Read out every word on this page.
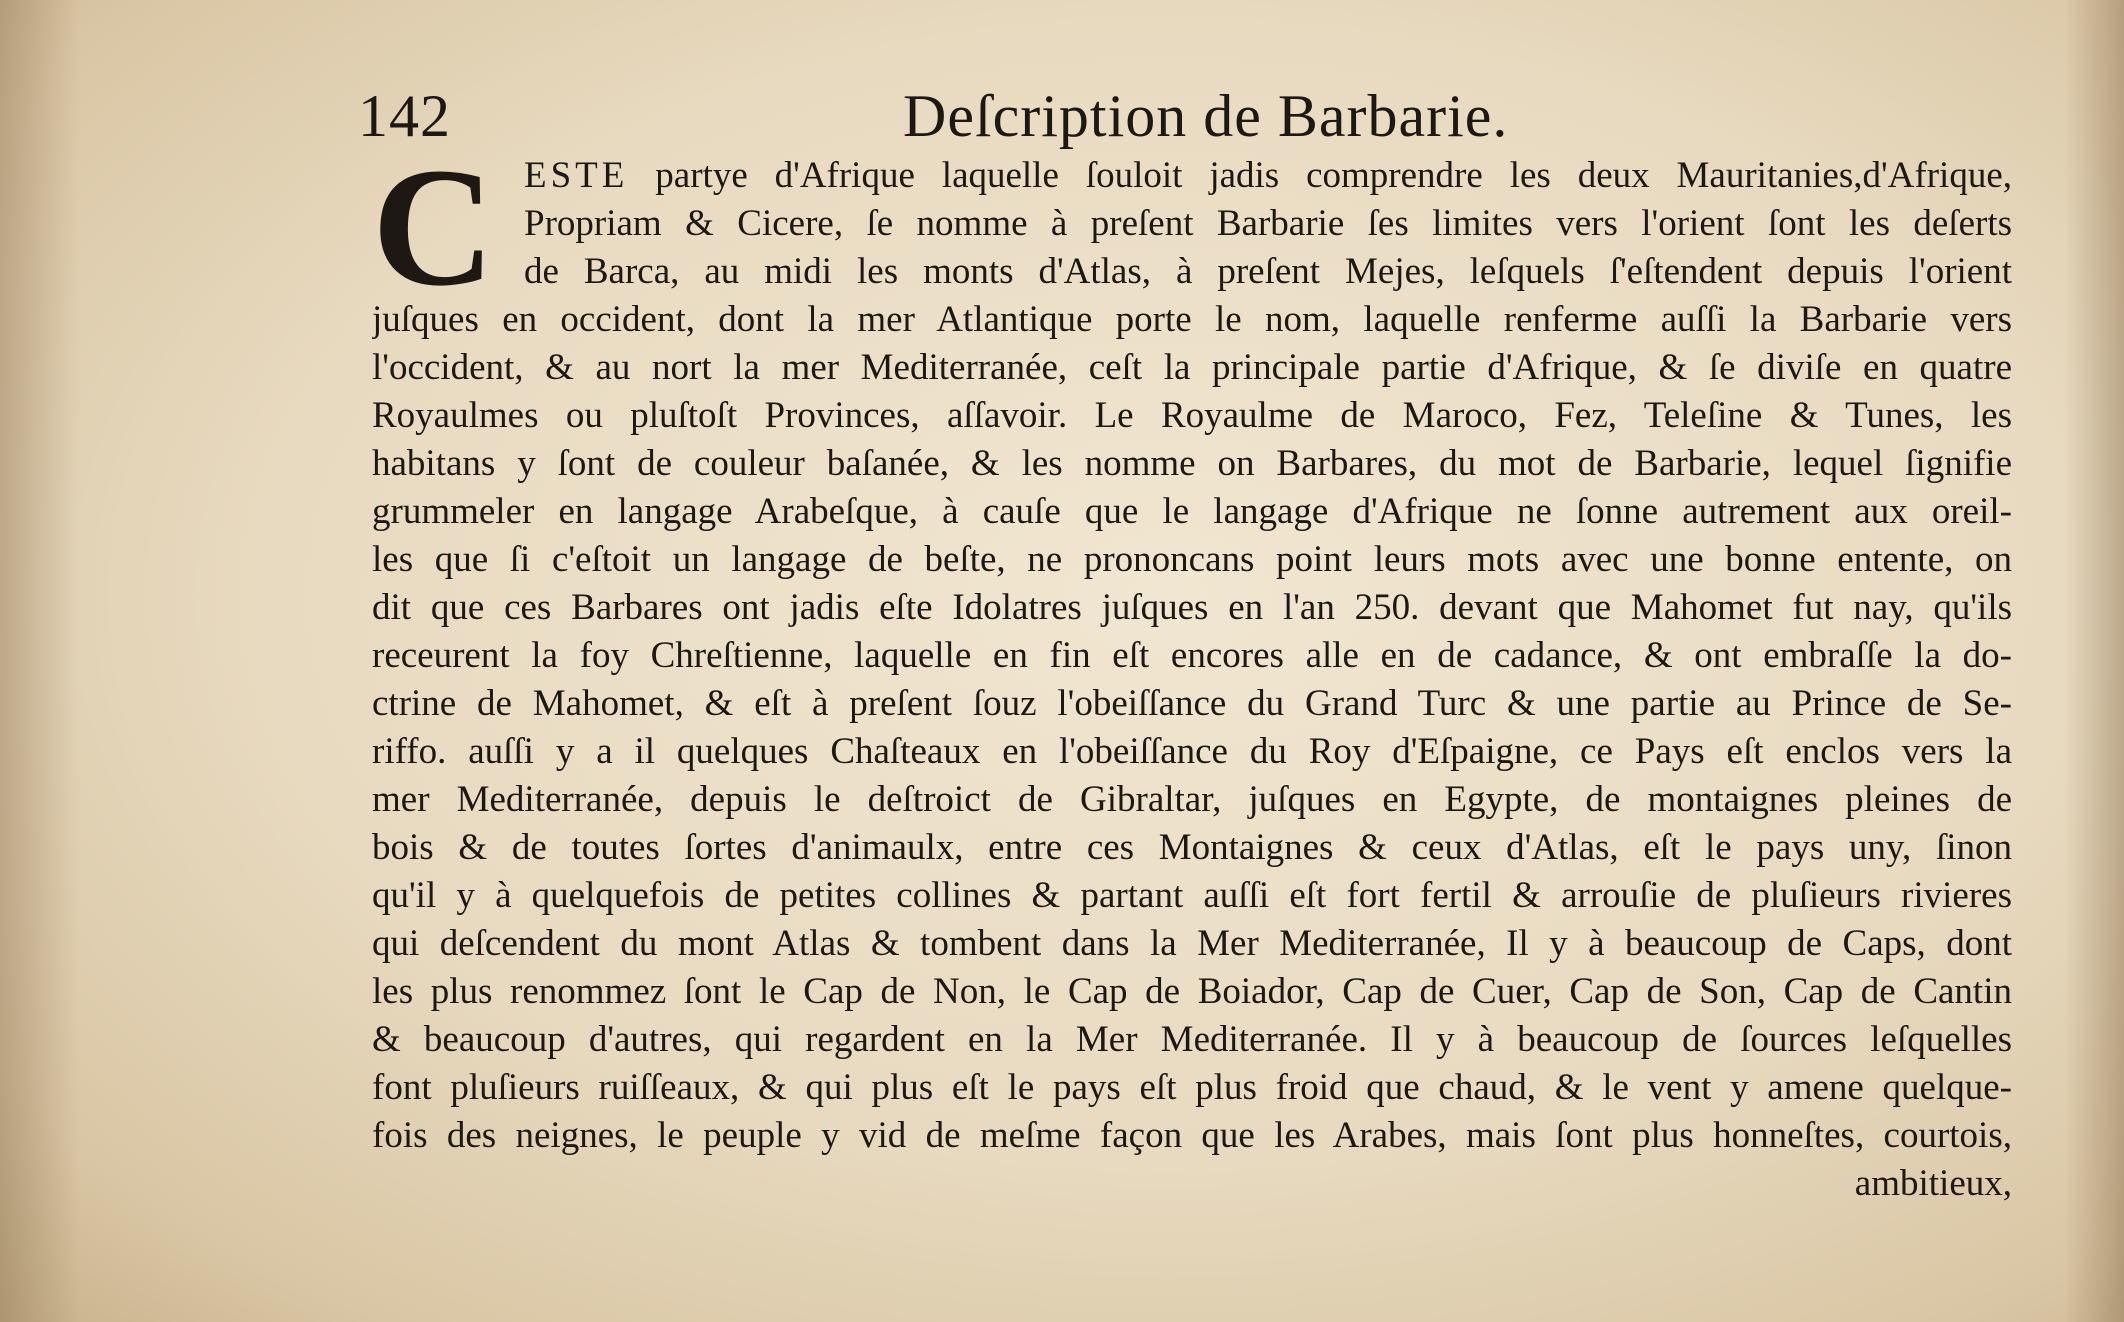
142	Deſcription de Barbarie.
C ESTE partye d'Afrique laquelle ſouloit jadis comprendre les deux Mauritanies,d'Afrique,
Propriam & Cicere, ſe nomme à preſent Barbarie ſes limites vers l'orient ſont les deſerts
de Barca, au midi les monts d'Atlas, à preſent Mejes, leſquels ſ'eſtendent depuis l'orient
juſques en occident, dont la mer Atlantique porte le nom, laquelle renferme auſſi la Barbarie vers
l'occident, & au nort la mer Mediterranée, ceſt la principale partie d'Afrique, & ſe diviſe en quatre
Royaulmes ou pluſtoſt Provinces, aſſavoir. Le Royaulme de Maroco, Fez, Teleſine & Tunes, les
habitans y ſont de couleur baſanée, & les nomme on Barbares, du mot de Barbarie, lequel ſignifie
grummeler en langage Arabeſque, à cauſe que le langage d'Afrique ne ſonne autrement aux oreil-
les que ſi c'eſtoit un langage de beſte, ne prononcans point leurs mots avec une bonne entente, on
dit que ces Barbares ont jadis eſte Idolatres juſques en l'an 250. devant que Mahomet fut nay, qu'ils
receurent la foy Chreſtienne, laquelle en fin eſt encores alle en de cadance, & ont embraſſe la do-
ctrine de Mahomet, & eſt à preſent ſouz l'obeiſſance du Grand Turc & une partie au Prince de Se-
riffo. auſſi y a il quelques Chaſteaux en l'obeiſſance du Roy d'Eſpaigne, ce Pays eſt enclos vers la
mer Mediterranée, depuis le deſtroict de Gibraltar, juſques en Egypte, de montaignes pleines de
bois & de toutes ſortes d'animaulx, entre ces Montaignes & ceux d'Atlas, eſt le pays uny, ſinon
qu'il y à quelquefois de petites collines & partant auſſi eſt fort fertil & arrouſie de pluſieurs rivieres
qui deſcendent du mont Atlas & tombent dans la Mer Mediterranée, Il y à beaucoup de Caps, dont
les plus renommez ſont le Cap de Non, le Cap de Boiador, Cap de Cuer, Cap de Son, Cap de Cantin
& beaucoup d'autres, qui regardent en la Mer Mediterranée. Il y à beaucoup de ſources leſquelles
font pluſieurs ruiſſeaux, & qui plus eſt le pays eſt plus froid que chaud, & le vent y amene quelque-
fois des neignes, le peuple y vid de meſme façon que les Arabes, mais ſont plus honneſtes, courtois,
ambitieux,
